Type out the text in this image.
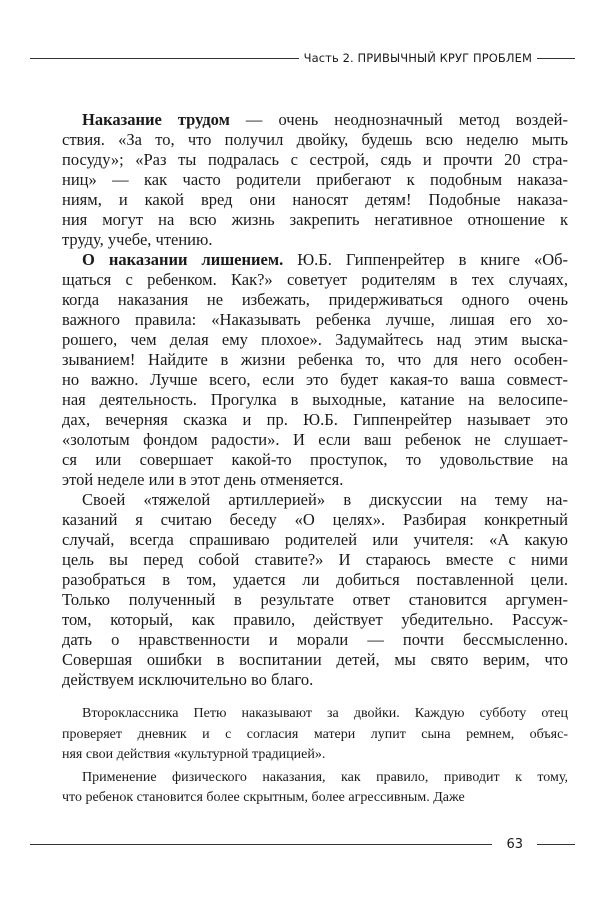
Часть 2. ПРИВЫЧНЫЙ КРУГ ПРОБЛЕМ
Наказание трудом — очень неоднозначный метод воздей-
ствия. «За то, что получил двойку, будешь всю неделю мыть
посуду»; «Раз ты подралась с сестрой, сядь и прочти 20 стра-
ниц» — как часто родители прибегают к подобным наказа-
ниям, и какой вред они наносят детям! Подобные наказа-
ния могут на всю жизнь закрепить негативное отношение к
труду, учебе, чтению.
О наказании лишением. Ю.Б. Гиппенрейтер в книге «Об-
щаться с ребенком. Как?» советует родителям в тех случаях,
когда наказания не избежать, придерживаться одного очень
важного правила: «Наказывать ребенка лучше, лишая его хо-
рошего, чем делая ему плохое». Задумайтесь над этим выска-
зыванием! Найдите в жизни ребенка то, что для него особен-
но важно. Лучше всего, если это будет какая-то ваша совмест-
ная деятельность. Прогулка в выходные, катание на велосипе-
дах, вечерняя сказка и пр. Ю.Б. Гиппенрейтер называет это
«золотым фондом радости». И если ваш ребенок не слушает-
ся или совершает какой-то проступок, то удовольствие на
этой неделе или в этот день отменяется.
Своей «тяжелой артиллерией» в дискуссии на тему на-
казаний я считаю беседу «О целях». Разбирая конкретный
случай, всегда спрашиваю родителей или учителя: «А какую
цель вы перед собой ставите?» И стараюсь вместе с ними
разобраться в том, удается ли добиться поставленной цели.
Только полученный в результате ответ становится аргумен-
том, который, как правило, действует убедительно. Рассуж-
дать о нравственности и морали — почти бессмысленно.
Совершая ошибки в воспитании детей, мы свято верим, что
действуем исключительно во благо.
Второклассника Петю наказывают за двойки. Каждую субботу отец
проверяет дневник и с согласия матери лупит сына ремнем, объяс-
няя свои действия «культурной традицией».
Применение физического наказания, как правило, приводит к тому,
что ребенок становится более скрытным, более агрессивным. Даже
63
